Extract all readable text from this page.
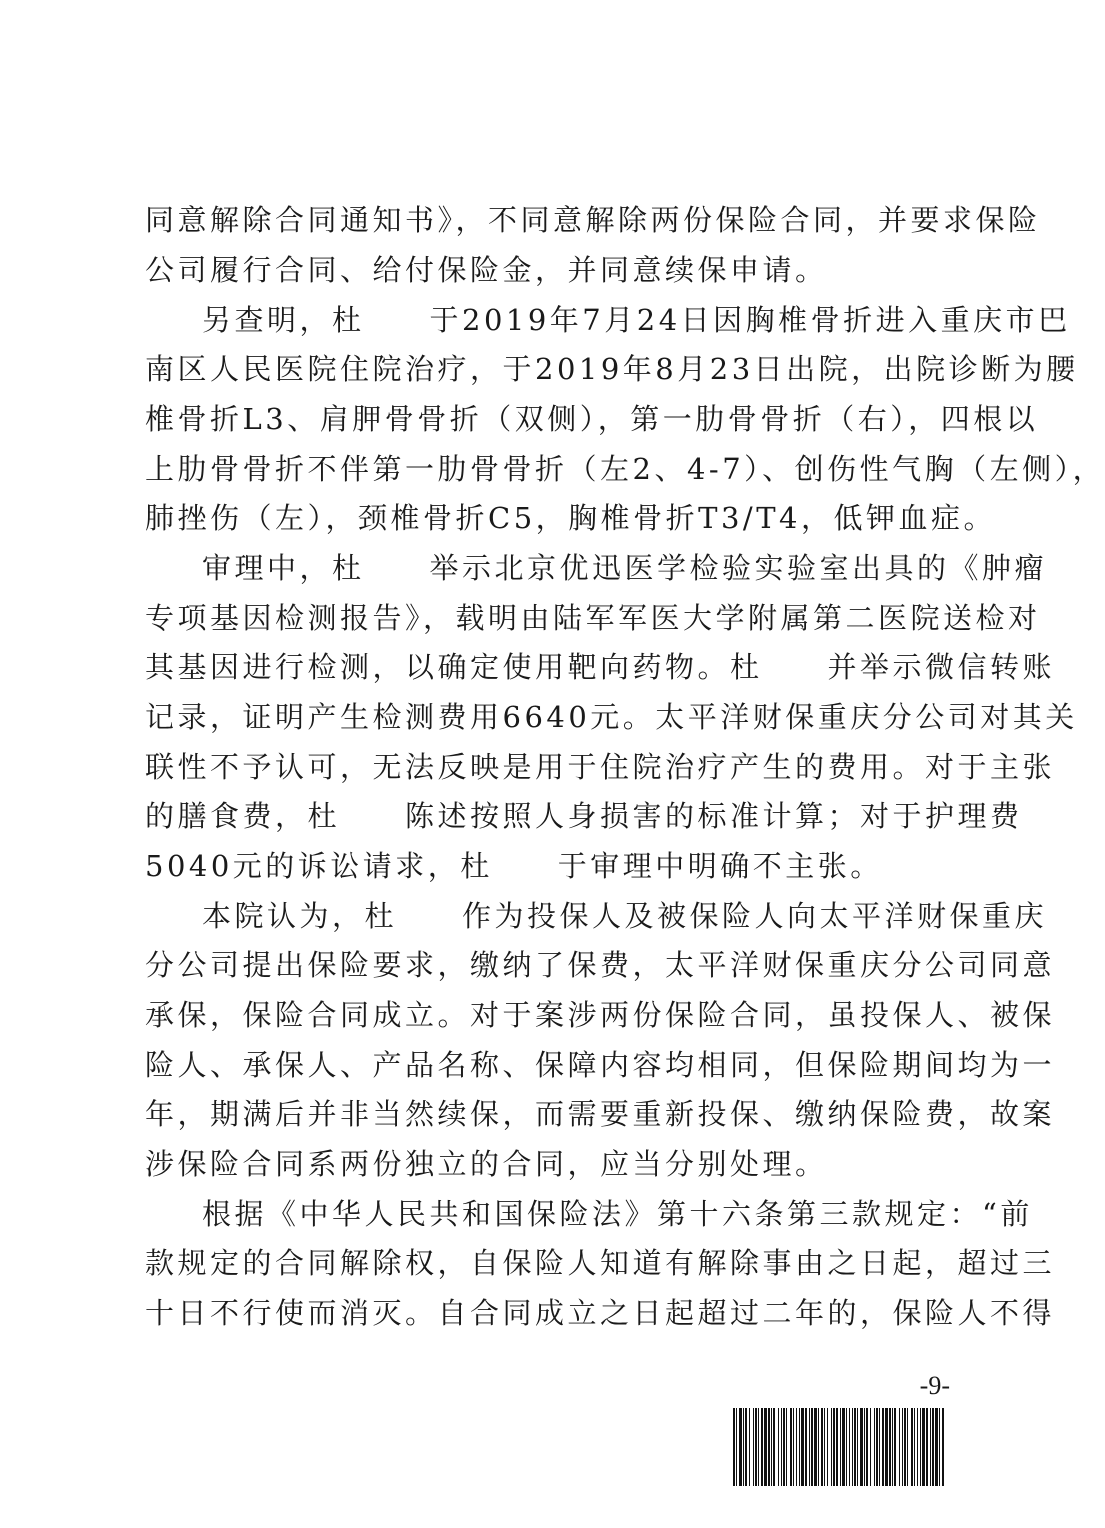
同意解除合同通知书》，不同意解除两份保险合同，并要求保险
公司履行合同、给付保险金，并同意续保申请。
另查明，杜　　于2019年7月24日因胸椎骨折进入重庆市巴
南区人民医院住院治疗，于2019年8月23日出院，出院诊断为腰
椎骨折L3、肩胛骨骨折（双侧），第一肋骨骨折（右），四根以
上肋骨骨折不伴第一肋骨骨折（左2、4-7）、创伤性气胸（左侧），
肺挫伤（左），颈椎骨折C5，胸椎骨折T3/T4，低钾血症。
审理中，杜　　举示北京优迅医学检验实验室出具的《肿瘤
专项基因检测报告》，载明由陆军军医大学附属第二医院送检对
其基因进行检测，以确定使用靶向药物。杜　　并举示微信转账
记录，证明产生检测费用6640元。太平洋财保重庆分公司对其关
联性不予认可，无法反映是用于住院治疗产生的费用。对于主张
的膳食费，杜　　陈述按照人身损害的标准计算；对于护理费
5040元的诉讼请求，杜　　于审理中明确不主张。
本院认为，杜　　作为投保人及被保险人向太平洋财保重庆
分公司提出保险要求，缴纳了保费，太平洋财保重庆分公司同意
承保，保险合同成立。对于案涉两份保险合同，虽投保人、被保
险人、承保人、产品名称、保障内容均相同，但保险期间均为一
年，期满后并非当然续保，而需要重新投保、缴纳保险费，故案
涉保险合同系两份独立的合同，应当分别处理。
根据《中华人民共和国保险法》第十六条第三款规定：“前
款规定的合同解除权，自保险人知道有解除事由之日起，超过三
十日不行使而消灭。自合同成立之日起超过二年的，保险人不得
-9-
